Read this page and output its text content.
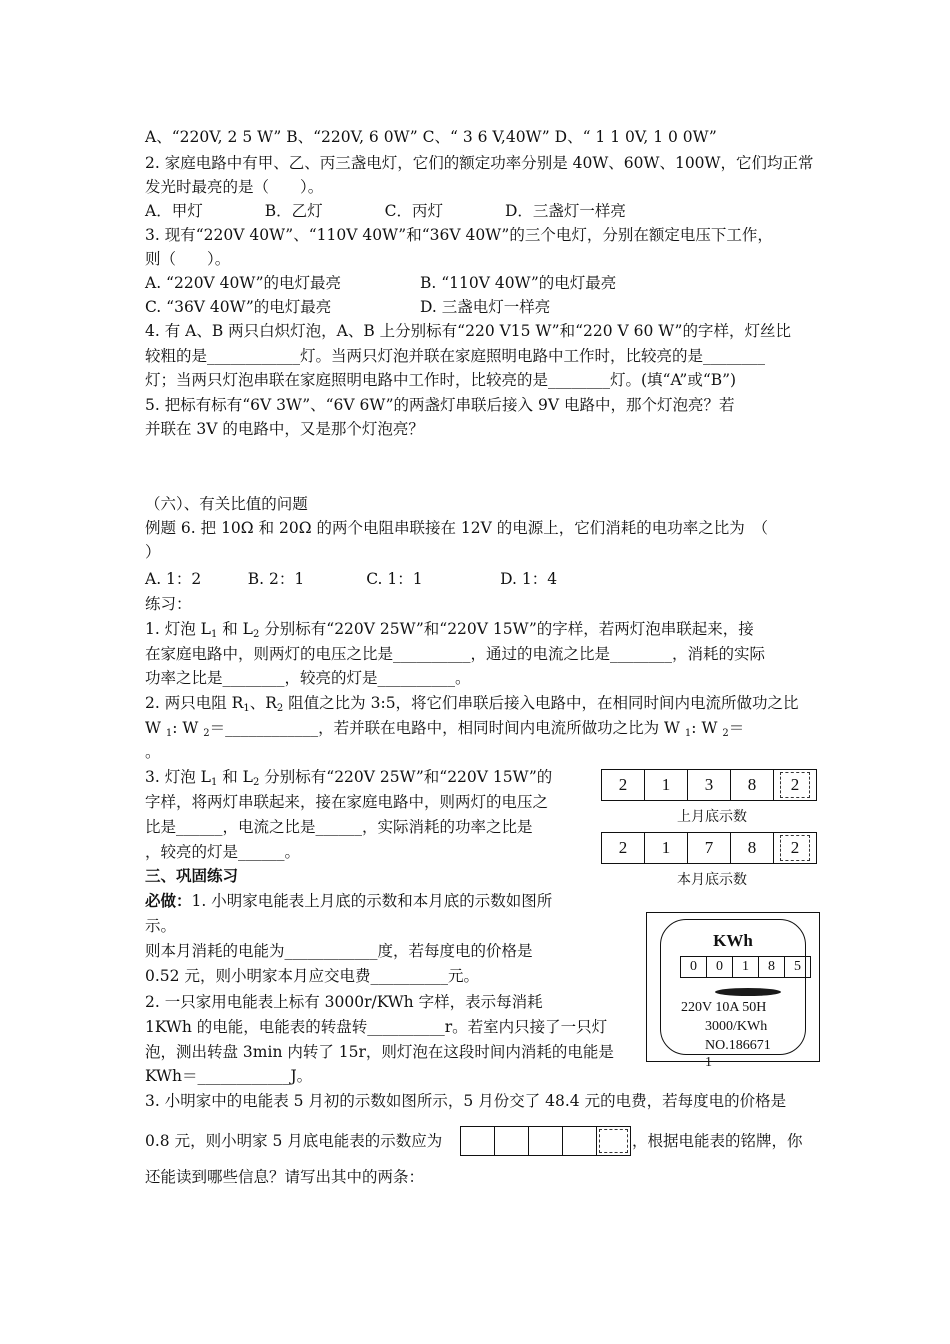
A、“220V, 2 5 W” B、“220V, 6 0W” C、“ 3 6 V,40W” D、“ 1 1 0V, 1 0 0W”
2. 家庭电路中有甲、乙、丙三盏电灯，它们的额定功率分别是 40W、60W、100W，它们均正常
发光时最亮的是（　　）。
A．甲灯　　　　B．乙灯　　　　C．丙灯　　　　D．三盏灯一样亮
3. 现有“220V 40W”、“110V 40W”和“36V 40W”的三个电灯，分别在额定电压下工作，
则（　　）。
A. “220V 40W”的电灯最亮	B. “110V 40W”的电灯最亮
C. “36V 40W”的电灯最亮	D. 三盏电灯一样亮
4. 有 A、B 两只白炽灯泡，A、B 上分别标有“220 V15 W”和“220 V 60 W”的字样，灯丝比
较粗的是____________灯。当两只灯泡并联在家庭照明电路中工作时，比较亮的是________
灯；当两只灯泡串联在家庭照明电路中工作时，比较亮的是________灯。(填“A”或“B”)
5. 把标有标有“6V 3W”、“6V 6W”的两盏灯串联后接入 9V 电路中，那个灯泡亮？若
并联在 3V 的电路中，又是那个灯泡亮？
（六）、有关比值的问题
例题 6. 把 10Ω 和 20Ω 的两个电阻串联接在 12V 的电源上，它们消耗的电功率之比为　（
）
A. 1：2　　　B. 2：1　　　　C. 1：1　　　　　D. 1：4
练习：
1. 灯泡 $L_1$ 和 $L_2$ 分别标有“220V 25W”和“220V 15W”的字样，若两灯泡串联起来，接
在家庭电路中，则两灯的电压之比是__________，通过的电流之比是________，消耗的实际
功率之比是________，较亮的灯是__________。
2. 两只电阻 $R_1$、$R_2$ 阻值之比为 3:5，将它们串联后接入电路中，在相同时间内电流所做功之比
W $_1$: W $_2$＝____________，若并联在电路中，相同时间内电流所做功之比为 W $_1$: W $_2$＝
。
3. 灯泡 $L_1$ 和 $L_2$ 分别标有“220V 25W”和“220V 15W”的
字样，将两灯串联起来，接在家庭电路中，则两灯的电压之
比是______，电流之比是______，实际消耗的功率之比是
，较亮的灯是______。
三、巩固练习
必做：1. 小明家电能表上月底的示数和本月底的示数如图所
示。
则本月消耗的电能为____________度，若每度电的价格是
0.52 元，则小明家本月应交电费__________元。
2. 一只家用电能表上标有 3000r/KWh 字样，表示每消耗
1KWh 的电能，电能表的转盘转__________r。若室内只接了一只灯
泡，测出转盘 3min 内转了 15r，则灯泡在这段时间内消耗的电能是
KWh＝____________J。
3. 小明家中的电能表 5 月初的示数如图所示，5 月份交了 48.4 元的电费，若每度电的价格是
0.8 元，则小明家 5 月底电能表的示数应为	，根据电能表的铭牌，你
还能读到哪些信息？请写出其中的两条：
2	1	3	8	2
上月底示数
2	1	7	8	2
本月底示数
KWh
0	0	1	8	5
220V 10A 50H
3000/KWh
NO.186671
1
